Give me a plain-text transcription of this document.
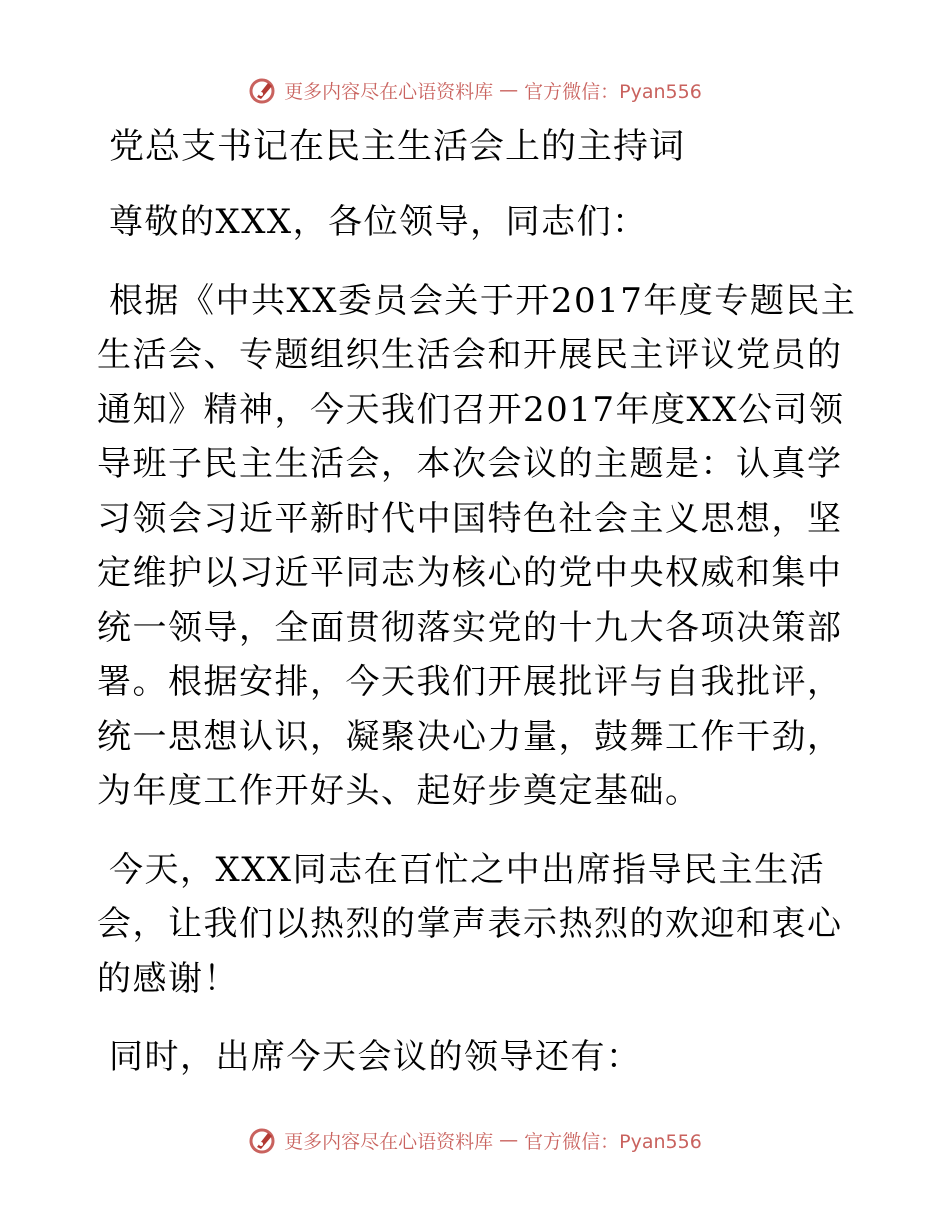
更多内容尽在心语资料库 — 官方微信：Pyan556
党总支书记在民主生活会上的主持词

尊敬的XXX，各位领导，同志们：

根据《中共XX委员会关于开2017年度专题民主生活会、专题组织生活会和开展民主评议党员的通知》精神，今天我们召开2017年度XX公司领导班子民主生活会，本次会议的主题是：认真学习领会习近平新时代中国特色社会主义思想，坚定维护以习近平同志为核心的党中央权威和集中统一领导，全面贯彻落实党的十九大各项决策部署。根据安排，今天我们开展批评与自我批评，统一思想认识，凝聚决心力量，鼓舞工作干劲，为年度工作开好头、起好步奠定基础。

今天，XXX同志在百忙之中出席指导民主生活会，让我们以热烈的掌声表示热烈的欢迎和衷心的感谢！

同时，出席今天会议的领导还有：

更多内容尽在心语资料库 — 官方微信：Pyan556
